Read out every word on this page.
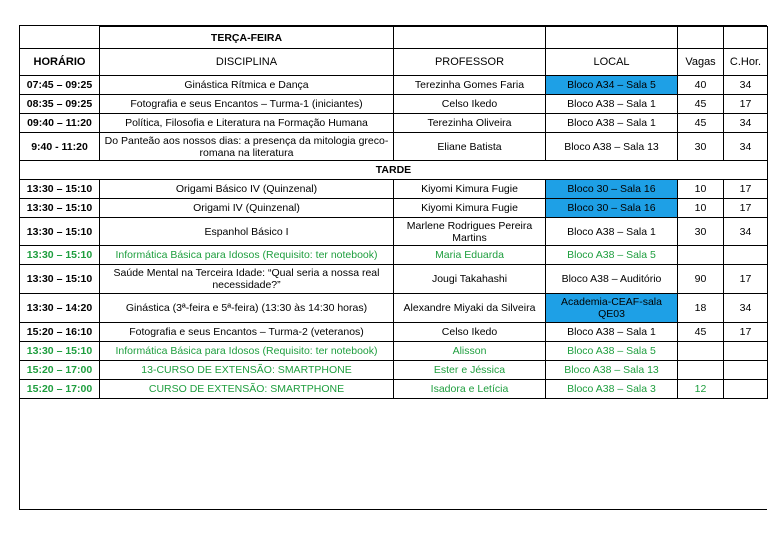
	TERÇA-FEIRA				
HORÁRIO	DISCIPLINA	PROFESSOR	LOCAL	Vagas	C.Hor.
07:45 – 09:25	Ginástica Rítmica e Dança	Terezinha Gomes Faria	Bloco A34 – Sala 5	40	34
08:35 – 09:25	Fotografia e seus Encantos – Turma-1 (iniciantes)	Celso Ikedo	Bloco A38 – Sala 1	45	17
09:40 – 11:20	Política, Filosofia e Literatura na Formação Humana	Terezinha Oliveira	Bloco A38 – Sala 1	45	34
9:40 - 11:20	Do Panteão aos nossos dias: a presença da mitologia greco-romana na literatura	Eliane Batista	Bloco A38 – Sala 13	30	34
TARDE					
13:30 – 15:10	Origami Básico IV (Quinzenal)	Kiyomi Kimura Fugie	Bloco 30 – Sala 16	10	17
13:30 – 15:10	Origami IV (Quinzenal)	Kiyomi Kimura Fugie	Bloco 30 – Sala 16	10	17
13:30 – 15:10	Espanhol Básico I	Marlene Rodrigues Pereira Martins	Bloco A38 – Sala 1	30	34
13:30 – 15:10	Informática Básica para Idosos (Requisito: ter notebook)	Maria Eduarda	Bloco A38 – Sala 5		
13:30 – 15:10	Saúde Mental na Terceira Idade: “Qual seria a nossa real necessidade?”	Jougi Takahashi	Bloco A38 – Auditório	90	17
13:30 – 14:20	Ginástica (3ª-feira e 5ª-feira) (13:30 às 14:30 horas)	Alexandre Miyaki da Silveira	Academia-CEAF-sala QE03	18	34
15:20 – 16:10	Fotografia e seus Encantos – Turma-2 (veteranos)	Celso Ikedo	Bloco A38 – Sala 1	45	17
13:30 – 15:10	Informática Básica para Idosos (Requisito: ter notebook)	Alisson	Bloco A38 – Sala 5		
15:20 – 17:00	13-CURSO DE EXTENSÃO: SMARTPHONE	Ester e Jéssica	Bloco A38 – Sala 13		
15:20 – 17:00	CURSO DE EXTENSÃO: SMARTPHONE	Isadora e Letícia	Bloco A38 – Sala 3	12	
